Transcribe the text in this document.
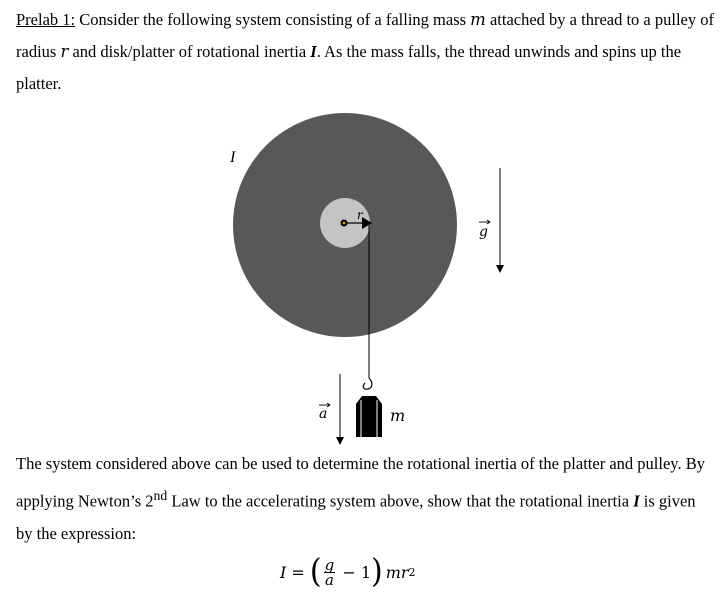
Prelab 1: Consider the following system consisting of a falling mass m attached by a thread to a pulley of radius r and disk/platter of rotational inertia I. As the mass falls, the thread unwinds and spins up the platter.

r
m
I
g
a

The system considered above can be used to determine the rotational inertia of the platter and pulley. By applying Newton’s 2nd Law to the accelerating system above, show that the rotational inertia I is given by the expression:

I = ( $\frac{g}{a} - 1$ ) mr 2
